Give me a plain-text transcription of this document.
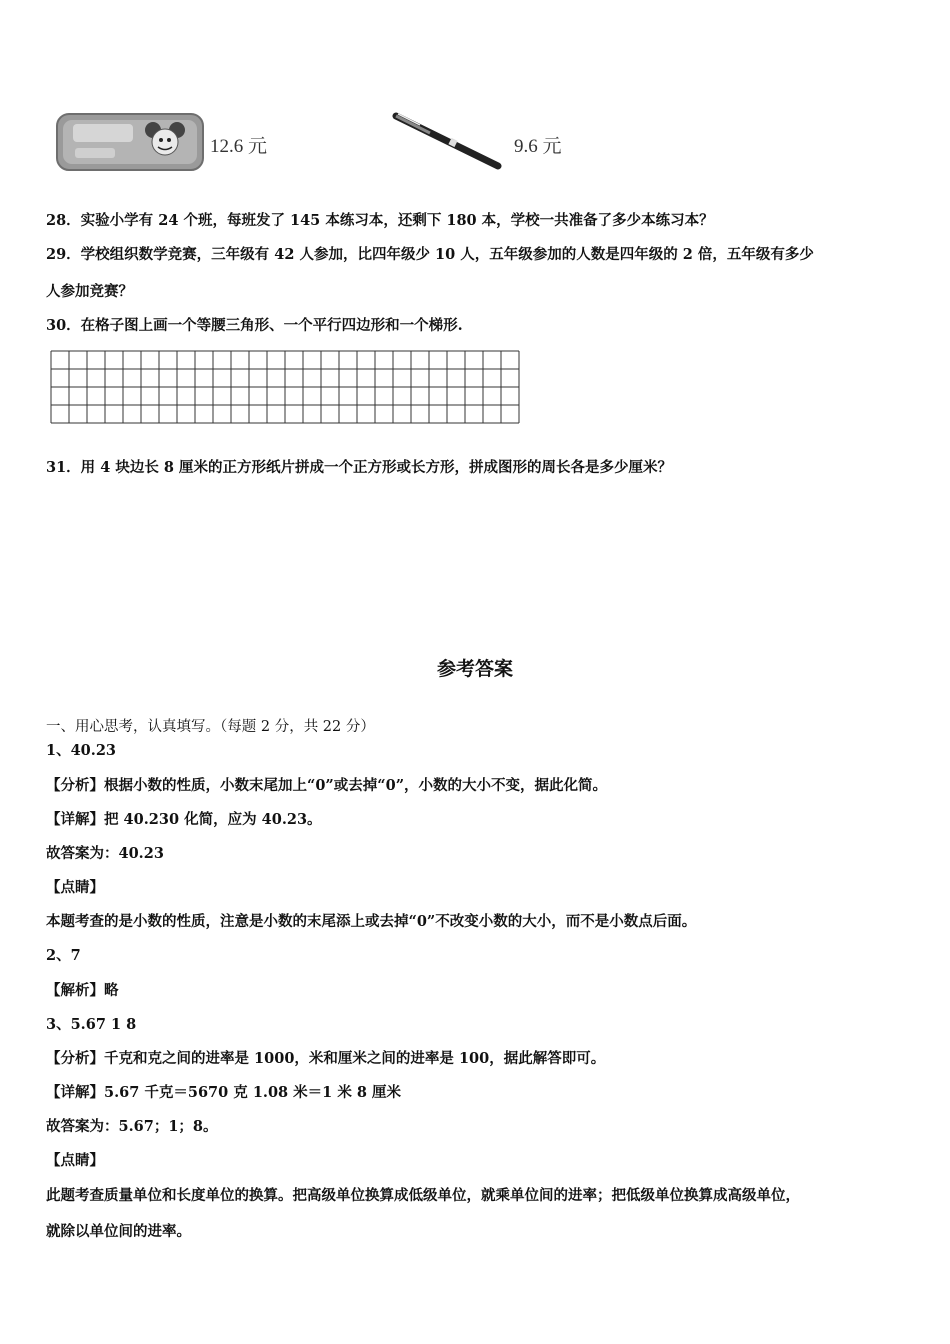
12.6 元	9.6 元
28．实验小学有 24 个班，每班发了 145 本练习本，还剩下 180 本，学校一共准备了多少本练习本？
29．学校组织数学竞赛，三年级有 42 人参加，比四年级少 10 人，五年级参加的人数是四年级的 2 倍，五年级有多少
人参加竞赛？
30．在格子图上画一个等腰三角形、一个平行四边形和一个梯形.
31．用 4 块边长 8 厘米的正方形纸片拼成一个正方形或长方形，拼成图形的周长各是多少厘米？
参考答案
一、用心思考，认真填写。（每题 2 分，共 22 分）
1、40.23
【分析】根据小数的性质，小数末尾加上“0”或去掉“0”，小数的大小不变，据此化简。
【详解】把 40.230 化简，应为 40.23。
故答案为：40.23
【点睛】
本题考查的是小数的性质，注意是小数的末尾添上或去掉“0”不改变小数的大小，而不是小数点后面。
2、7
【解析】略
3、5.67 1 8
【分析】千克和克之间的进率是 1000，米和厘米之间的进率是 100，据此解答即可。
【详解】5.67 千克＝5670 克 1.08 米＝1 米 8 厘米
故答案为：5.67；1；8。
【点睛】
此题考查质量单位和长度单位的换算。把高级单位换算成低级单位，就乘单位间的进率；把低级单位换算成高级单位，
就除以单位间的进率。
